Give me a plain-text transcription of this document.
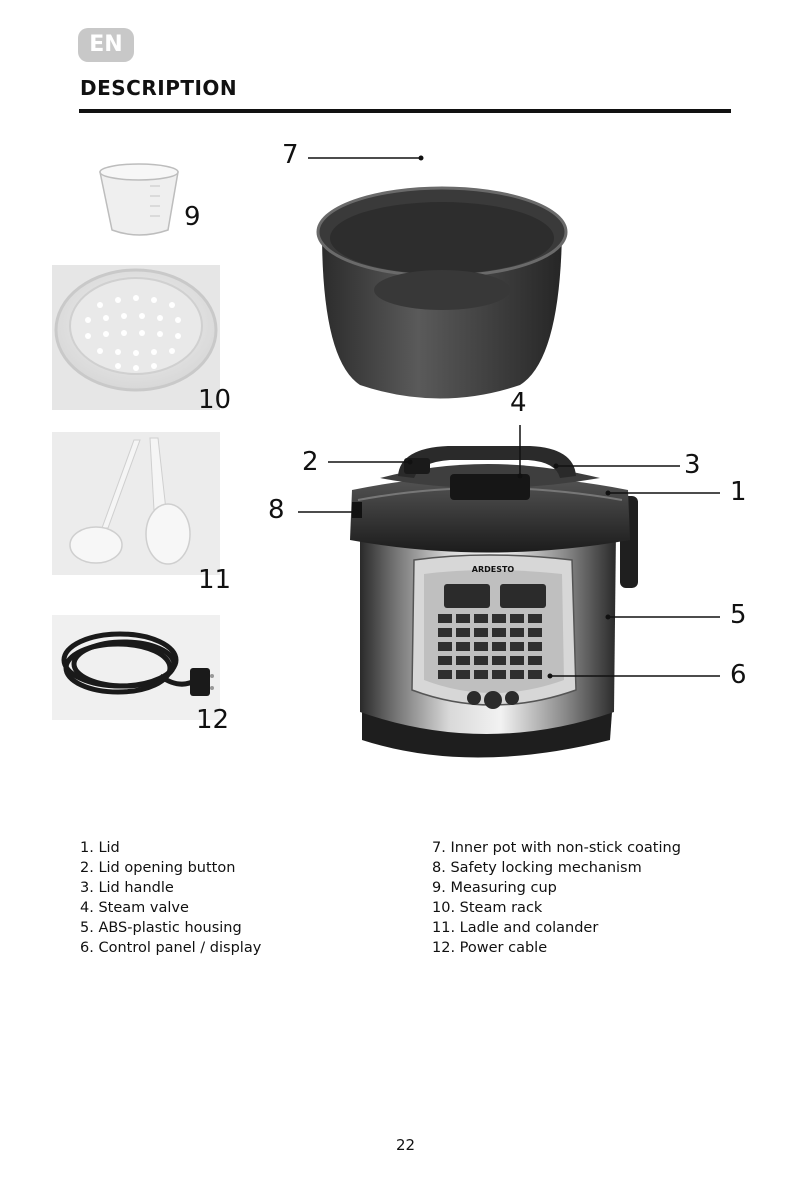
EN
DESCRIPTION
ARDESTO
7
9
10	4
2	3
1
8
11
5
6
12
1. Lid
2. Lid opening button
3. Lid handle
4. Steam valve
5. ABS-plastic housing
6. Control panel / display
7. Inner pot with non-stick coating
8. Safety locking mechanism
9. Measuring cup
10. Steam rack
11. Ladle and colander
12. Power cable
22
